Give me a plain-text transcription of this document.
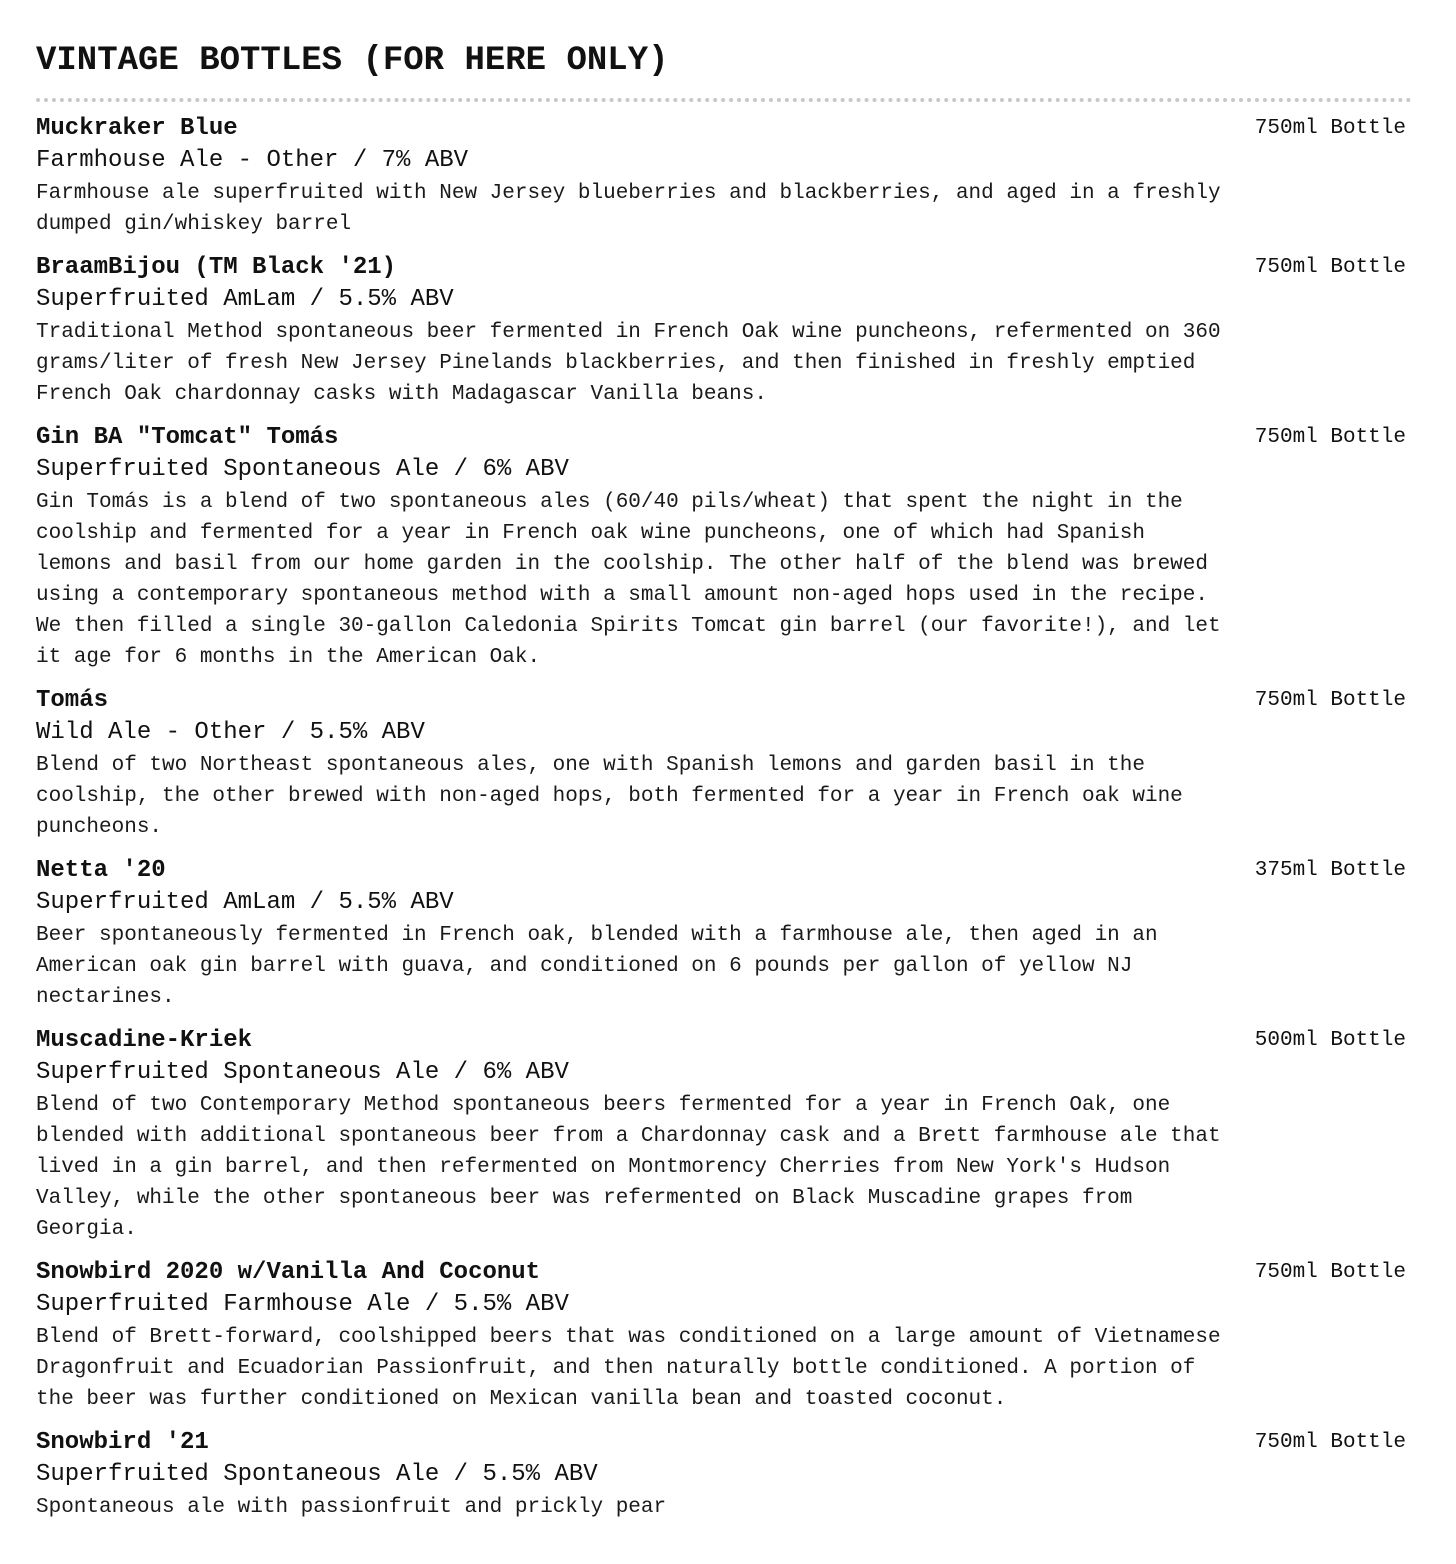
VINTAGE BOTTLES (FOR HERE ONLY)
Muckraker Blue
Farmhouse Ale - Other / 7% ABV
Farmhouse ale superfruited with New Jersey blueberries and blackberries, and aged in a freshly dumped gin/whiskey barrel
750ml Bottle
BraamBijou (TM Black '21)
Superfruited AmLam / 5.5% ABV
Traditional Method spontaneous beer fermented in French Oak wine puncheons, refermented on 360 grams/liter of fresh New Jersey Pinelands blackberries, and then finished in freshly emptied French Oak chardonnay casks with Madagascar Vanilla beans.
750ml Bottle
Gin BA "Tomcat" Tomás
Superfruited Spontaneous Ale / 6% ABV
Gin Tomás is a blend of two spontaneous ales (60/40 pils/wheat) that spent the night in the coolship and fermented for a year in French oak wine puncheons, one of which had Spanish lemons and basil from our home garden in the coolship. The other half of the blend was brewed using a contemporary spontaneous method with a small amount non-aged hops used in the recipe. We then filled a single 30-gallon Caledonia Spirits Tomcat gin barrel (our favorite!), and let it age for 6 months in the American Oak.
750ml Bottle
Tomás
Wild Ale - Other / 5.5% ABV
Blend of two Northeast spontaneous ales, one with Spanish lemons and garden basil in the coolship, the other brewed with non-aged hops, both fermented for a year in French oak wine puncheons.
750ml Bottle
Netta '20
Superfruited AmLam / 5.5% ABV
Beer spontaneously fermented in French oak, blended with a farmhouse ale, then aged in an American oak gin barrel with guava, and conditioned on 6 pounds per gallon of yellow NJ nectarines.
375ml Bottle
Muscadine-Kriek
Superfruited Spontaneous Ale / 6% ABV
Blend of two Contemporary Method spontaneous beers fermented for a year in French Oak, one blended with additional spontaneous beer from a Chardonnay cask and a Brett farmhouse ale that lived in a gin barrel, and then refermented on Montmorency Cherries from New York's Hudson Valley, while the other spontaneous beer was refermented on Black Muscadine grapes from Georgia.
500ml Bottle
Snowbird 2020 w/Vanilla And Coconut
Superfruited Farmhouse Ale / 5.5% ABV
Blend of Brett-forward, coolshipped beers that was conditioned on a large amount of Vietnamese Dragonfruit and Ecuadorian Passionfruit, and then naturally bottle conditioned. A portion of the beer was further conditioned on Mexican vanilla bean and toasted coconut.
750ml Bottle
Snowbird '21
Superfruited Spontaneous Ale / 5.5% ABV
Spontaneous ale with passionfruit and prickly pear
750ml Bottle
